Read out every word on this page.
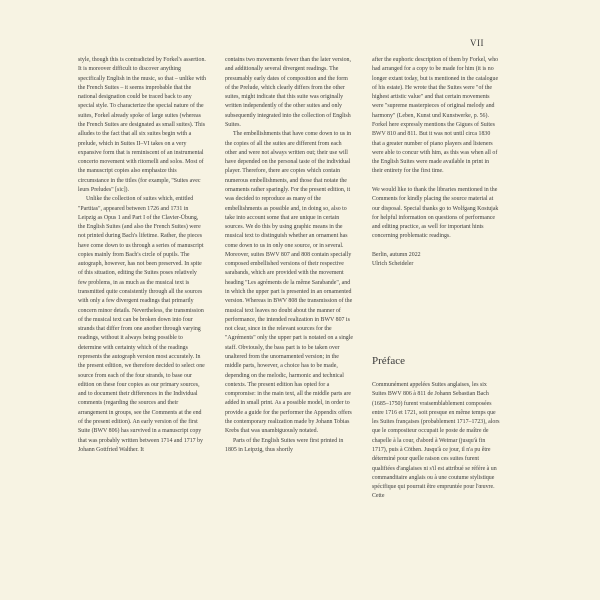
VII

style, though this is contradicted by Forkel's assertion. It is moreover difficult to discover anything specifically English in the music, so that – unlike with the French Suites – it seems improbable that the national designation could be traced back to any special style. To characterize the special nature of the suites, Forkel already spoke of large suites (whereas the French Suites are designated as small suites). This alludes to the fact that all six suites begin with a prelude, which in Suites II–VI takes on a very expansive form that is reminiscent of an instrumental concerto movement with ritornelli and solos. Most of the manuscript copies also emphasize this circumstance in the titles (for example, "Suites avec leurs Preludes" [sic]).

Unlike the collection of suites which, entitled "Partitas", appeared between 1726 and 1731 in Leipzig as Opus 1 and Part I of the Clavier-Übung, the English Suites (and also the French Suites) were not printed during Bach's lifetime. Rather, the pieces have come down to us through a series of manuscript copies mainly from Bach's circle of pupils. The autograph, however, has not been preserved. In spite of this situation, editing the Suites poses relatively few problems, in as much as the musical text is transmitted quite consistently through all the sources with only a few divergent readings that primarily concern minor details. Nevertheless, the transmission of the musical text can be broken down into four strands that differ from one another through varying readings, without it always being possible to determine with certainty which of the readings represents the autograph version most accurately. In the present edition, we therefore decided to select one source from each of the four strands, to base our edition on these four copies as our primary sources, and to document their differences in the Individual comments (regarding the sources and their arrangement in groups, see the Comments at the end of the present edition). An early version of the first Suite (BWV 806) has survived in a manuscript copy that was probably written between 1714 and 1717 by Johann Gottfried Walther. It

contains two movements fewer than the later version, and additionally several divergent readings. The presumably early dates of composition and the form of the Prelude, which clearly differs from the other suites, might indicate that this suite was originally written independently of the other suites and only subsequently integrated into the collection of English Suites.

The embellishments that have come down to us in the copies of all the suites are different from each other and were not always written out; their use will have depended on the personal taste of the individual player. Therefore, there are copies which contain numerous embellishments, and those that notate the ornaments rather sparingly. For the present edition, it was decided to reproduce as many of the embellishments as possible and, in doing so, also to take into account some that are unique in certain sources. We do this by using graphic means in the musical text to distinguish whether an ornament has come down to us in only one source, or in several. Moreover, suites BWV 807 and 808 contain specially composed embellished versions of their respective sarabands, which are provided with the movement heading "Les agréments de la même Sarabande", and in which the upper part is presented in an ornamented version. Whereas in BWV 808 the transmission of the musical text leaves no doubt about the manner of performance, the intended realization in BWV 807 is not clear, since in the relevant sources for the "Agréments" only the upper part is notated on a single staff. Obviously, the bass part is to be taken over unaltered from the unornamented version; in the middle parts, however, a choice has to be made, depending on the melodic, harmonic and technical contexts. The present edition has opted for a compromise: in the main text, all the middle parts are added in small print. As a possible model, in order to provide a guide for the performer the Appendix offers the contemporary realization made by Johann Tobias Krebs that was unambiguously notated.

Parts of the English Suites were first printed in 1805 in Leipzig, thus shortly

after the euphoric description of them by Forkel, who had arranged for a copy to be made for him (it is no longer extant today, but is mentioned in the catalogue of his estate). He wrote that the Suites were "of the highest artistic value" and that certain movements were "supreme masterpieces of original melody and harmony" (Leben, Kunst und Kunstwerke, p. 56). Forkel here expressly mentions the Gigues of Suites BWV 810 and 811. But it was not until circa 1830 that a greater number of piano players and listeners were able to concur with him, as this was when all of the English Suites were made available in print in their entirety for the first time.

We would like to thank the libraries mentioned in the Comments for kindly placing the source material at our disposal. Special thanks go to Wolfgang Kostujak for helpful information on questions of performance and editing practice, as well for important hints concerning problematic readings.

Berlin, autumn 2022

Ulrich Scheideler

Préface

Communément appelées Suites anglaises, les six Suites BWV 806 à 811 de Johann Sebastian Bach (1685–1750) furent vraisemblablement composées entre 1716 et 1721, soit presque en même temps que les Suites françaises (probablement 1717–1723), alors que le compositeur occupait le poste de maître de chapelle à la cour, d'abord à Weimar (jusqu'à fin 1717), puis à Cöthen. Jusqu'à ce jour, il n'a pu être déterminé pour quelle raison ces suites furent qualifiées d'anglaises ni s'il est attribué se réfère à un commanditaire anglais ou à une coutume stylistique spécifique qui pourrait être empruntée pour l'œuvre. Cette
